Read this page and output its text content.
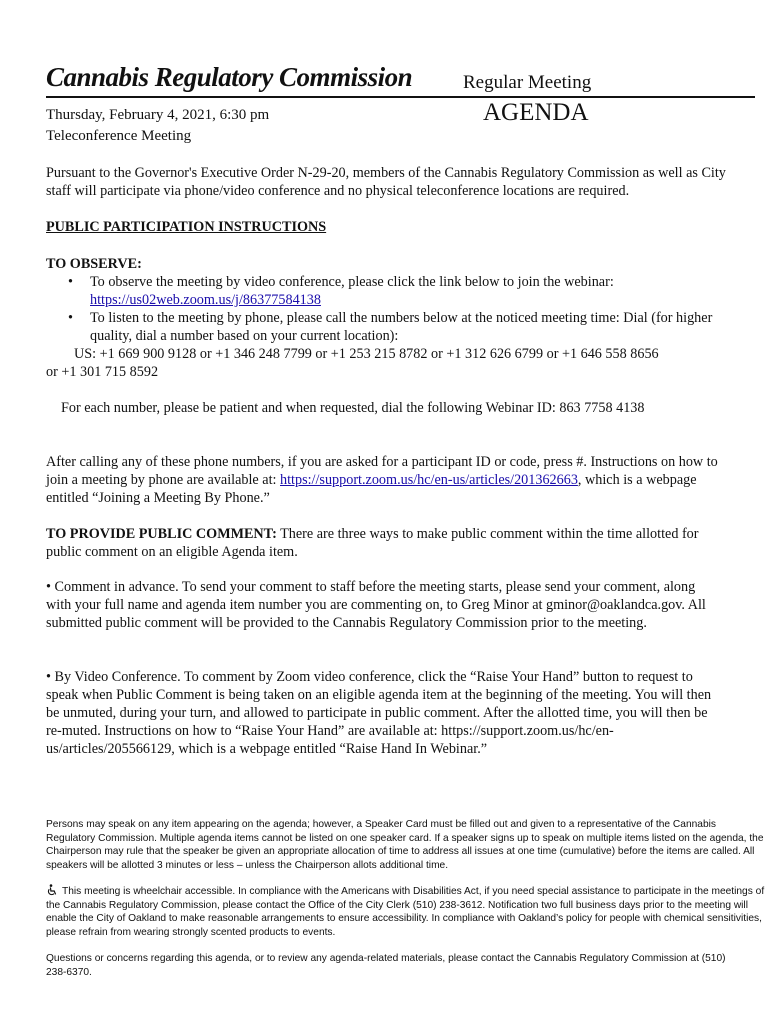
Cannabis Regulatory Commission	Regular Meeting
Thursday, February 4, 2021, 6:30 pm
Teleconference Meeting
AGENDA
Pursuant to the Governor's Executive Order N-29-20, members of the Cannabis Regulatory Commission as well as City staff will participate via phone/video conference and no physical teleconference locations are required.
PUBLIC PARTICIPATION INSTRUCTIONS
TO OBSERVE:
• To observe the meeting by video conference, please click the link below to join the webinar:
https://us02web.zoom.us/j/86377584138
• To listen to the meeting by phone, please call the numbers below at the noticed meeting time: Dial (for higher quality, dial a number based on your current location):
US: +1 669 900 9128 or +1 346 248 7799 or +1 253 215 8782 or +1 312 626 6799 or +1 646 558 8656
or +1 301 715 8592
For each number, please be patient and when requested, dial the following Webinar ID: 863 7758 4138
After calling any of these phone numbers, if you are asked for a participant ID or code, press #. Instructions on how to join a meeting by phone are available at: https://support.zoom.us/hc/en-us/articles/201362663, which is a webpage entitled “Joining a Meeting By Phone.”
TO PROVIDE PUBLIC COMMENT: There are three ways to make public comment within the time allotted for public comment on an eligible Agenda item.
• Comment in advance. To send your comment to staff before the meeting starts, please send your comment, along with your full name and agenda item number you are commenting on, to Greg Minor at gminor@oaklandca.gov. All submitted public comment will be provided to the Cannabis Regulatory Commission prior to the meeting.
• By Video Conference. To comment by Zoom video conference, click the “Raise Your Hand” button to request to speak when Public Comment is being taken on an eligible agenda item at the beginning of the meeting. You will then be unmuted, during your turn, and allowed to participate in public comment. After the allotted time, you will then be re-muted. Instructions on how to “Raise Your Hand” are available at: https://support.zoom.us/hc/en-us/articles/205566129, which is a webpage entitled “Raise Hand In Webinar.”
Persons may speak on any item appearing on the agenda; however, a Speaker Card must be filled out and given to a representative of the Cannabis Regulatory Commission. Multiple agenda items cannot be listed on one speaker card. If a speaker signs up to speak on multiple items listed on the agenda, the Chairperson may rule that the speaker be given an appropriate allocation of time to address all issues at one time (cumulative) before the items are called. All speakers will be allotted 3 minutes or less – unless the Chairperson allots additional time.
This meeting is wheelchair accessible. In compliance with the Americans with Disabilities Act, if you need special assistance to participate in the meetings of the Cannabis Regulatory Commission, please contact the Office of the City Clerk (510) 238-3612. Notification two full business days prior to the meeting will enable the City of Oakland to make reasonable arrangements to ensure accessibility. In compliance with Oakland’s policy for people with chemical sensitivities, please refrain from wearing strongly scented products to events.
Questions or concerns regarding this agenda, or to review any agenda-related materials, please contact the Cannabis Regulatory Commission at (510) 238-6370.
